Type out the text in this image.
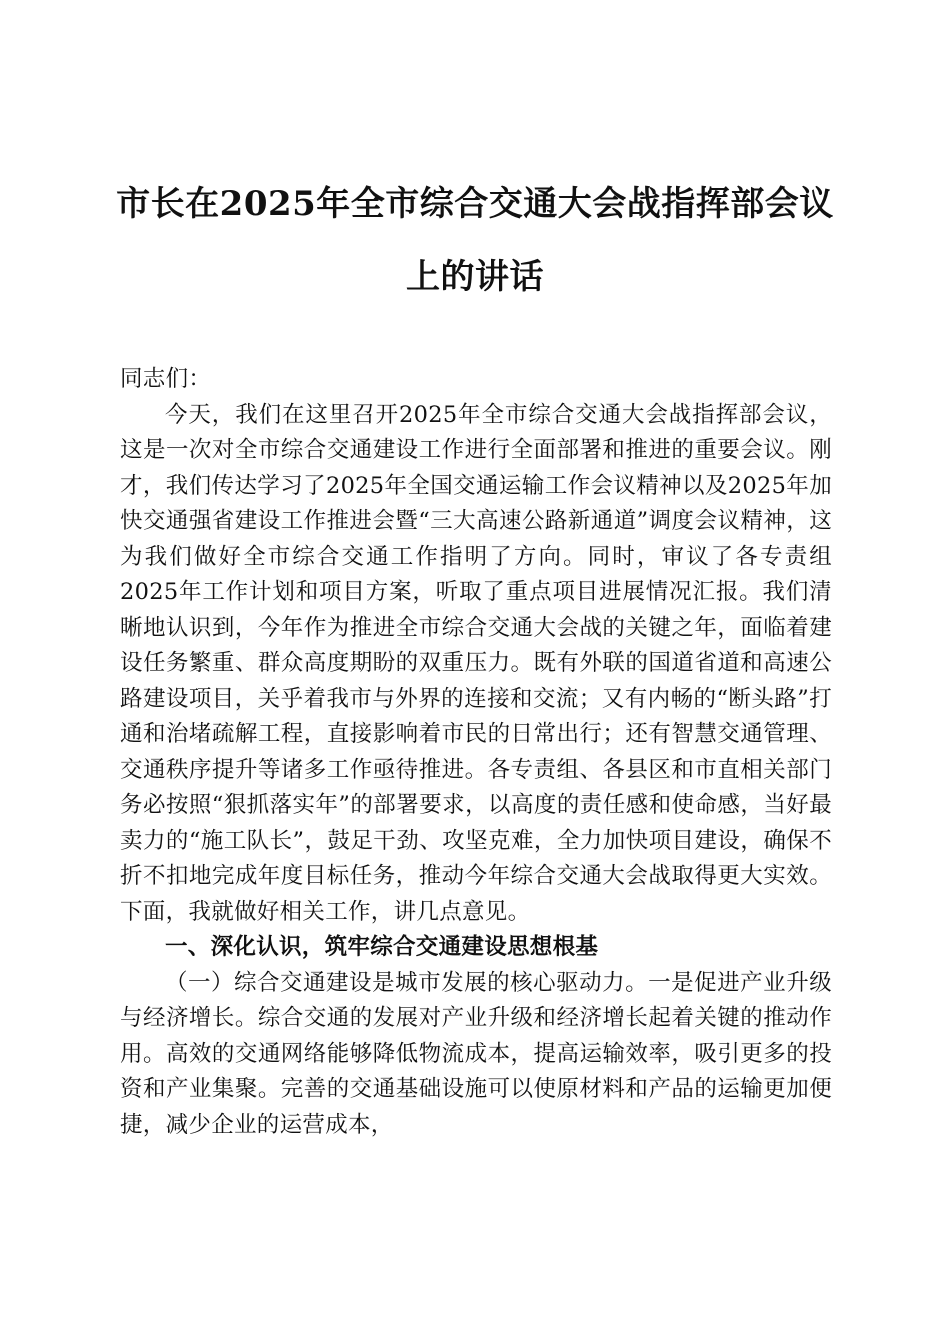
市长在2025年全市综合交通大会战指挥部会议上的讲话

同志们：

今天，我们在这里召开2025年全市综合交通大会战指挥部会议，这是一次对全市综合交通建设工作进行全面部署和推进的重要会议。刚才，我们传达学习了2025年全国交通运输工作会议精神以及2025年加快交通强省建设工作推进会暨“三大高速公路新通道”调度会议精神，这为我们做好全市综合交通工作指明了方向。同时，审议了各专责组2025年工作计划和项目方案，听取了重点项目进展情况汇报。我们清晰地认识到，今年作为推进全市综合交通大会战的关键之年，面临着建设任务繁重、群众高度期盼的双重压力。既有外联的国道省道和高速公路建设项目，关乎着我市与外界的连接和交流；又有内畅的“断头路”打通和治堵疏解工程，直接影响着市民的日常出行；还有智慧交通管理、交通秩序提升等诸多工作亟待推进。各专责组、各县区和市直相关部门务必按照“狠抓落实年”的部署要求，以高度的责任感和使命感，当好最卖力的“施工队长”，鼓足干劲、攻坚克难，全力加快项目建设，确保不折不扣地完成年度目标任务，推动今年综合交通大会战取得更大实效。下面，我就做好相关工作，讲几点意见。

一、深化认识，筑牢综合交通建设思想根基

（一）综合交通建设是城市发展的核心驱动力。一是促进产业升级与经济增长。综合交通的发展对产业升级和经济增长起着关键的推动作用。高效的交通网络能够降低物流成本，提高运输效率，吸引更多的投资和产业集聚。完善的交通基础设施可以使原材料和产品的运输更加便捷，减少企业的运营成本，
